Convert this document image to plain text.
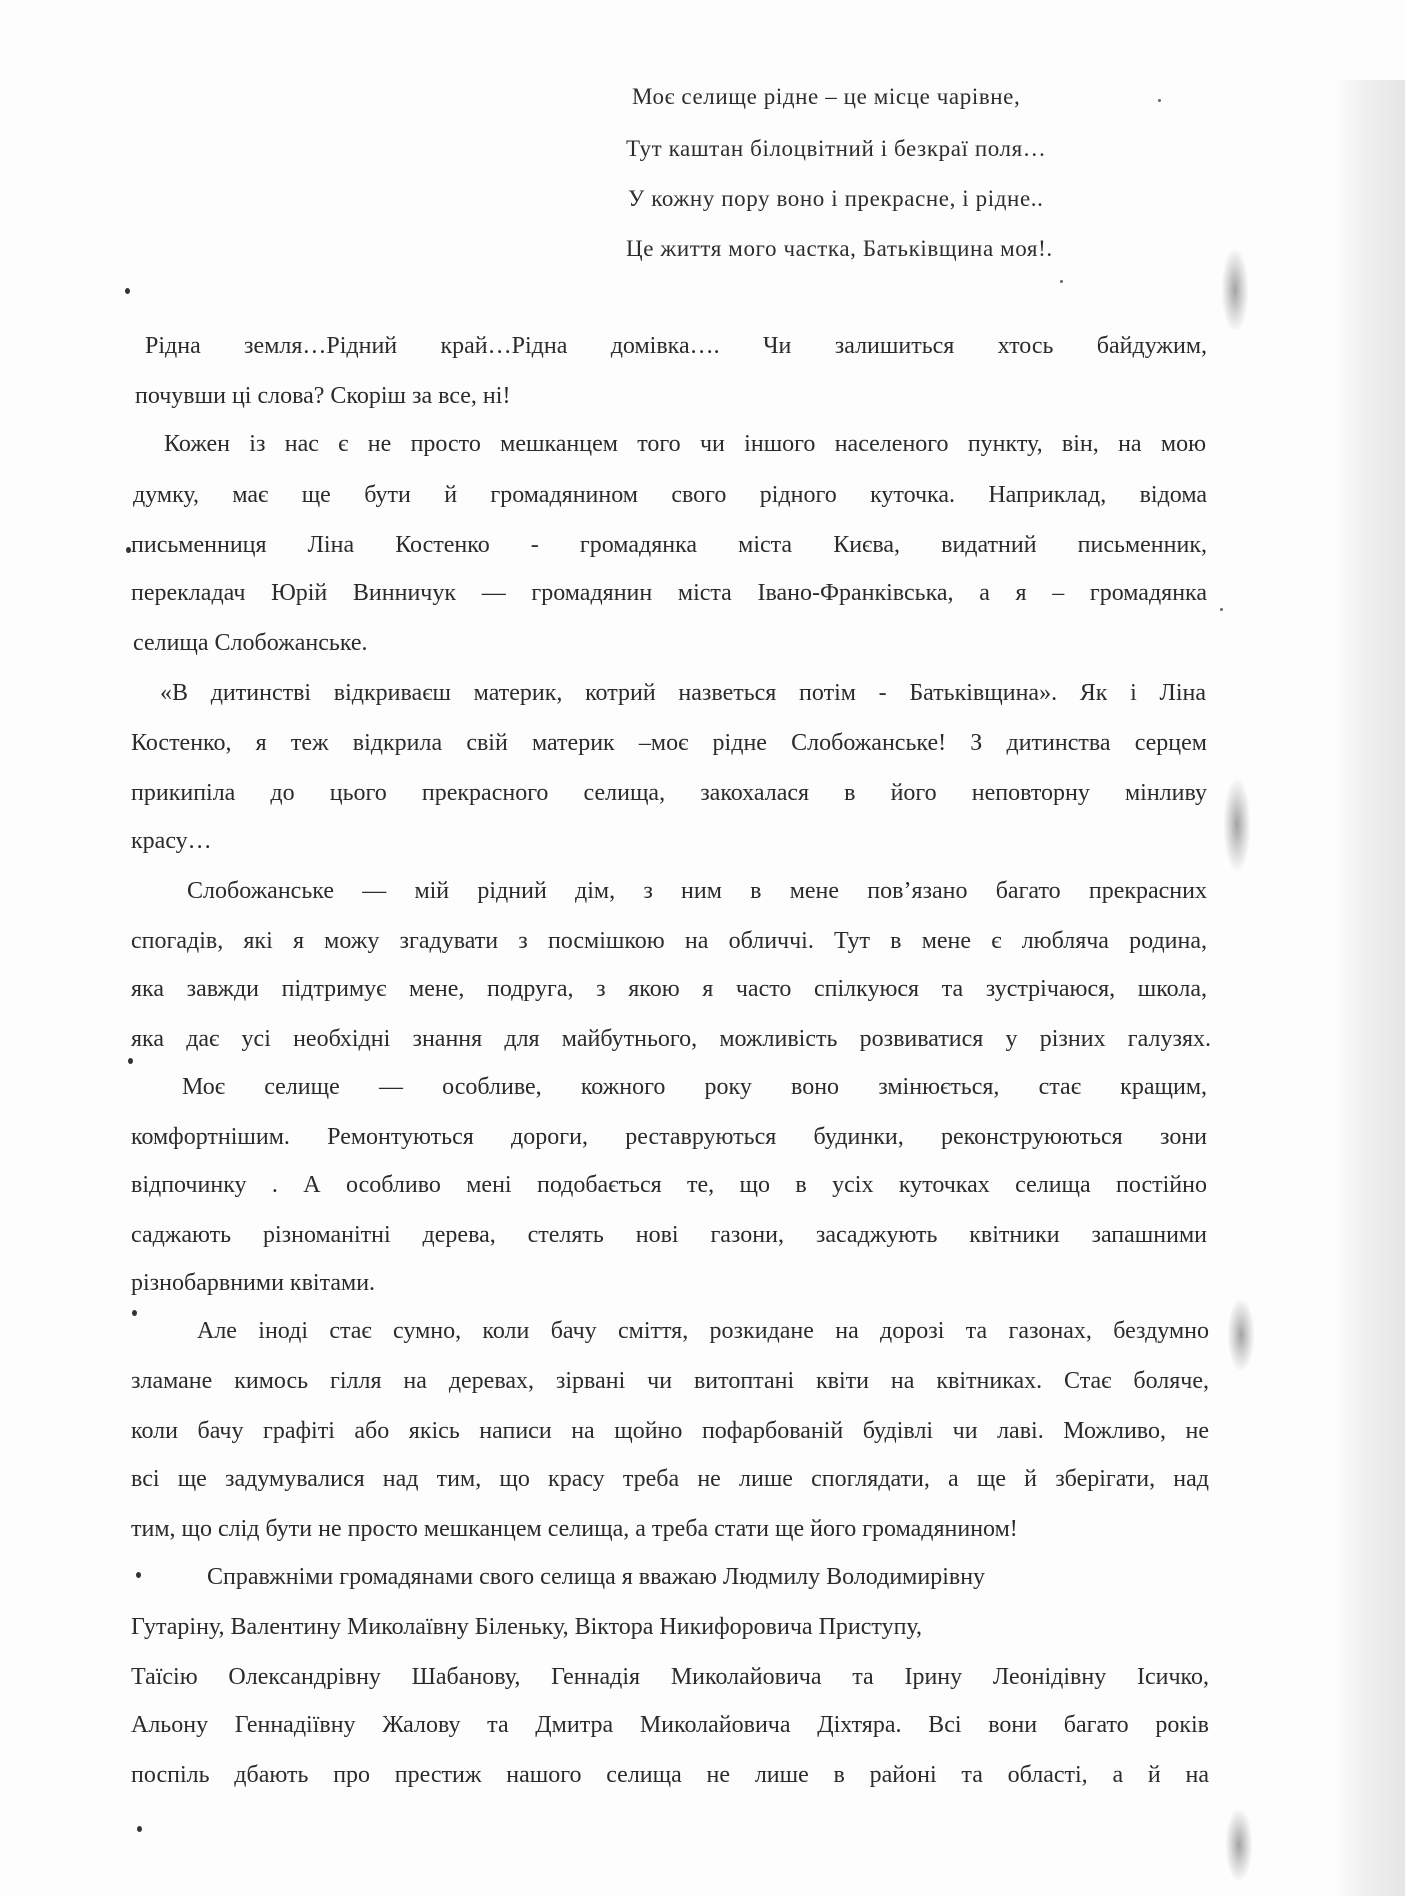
Моє селище рідне – це місце чарівне,
Тут каштан білоцвітний і безкраї поля…
У кожну пору воно і прекрасне, і рідне..
Це життя мого частка, Батьківщина моя!.
Рідна земля…Рідний край…Рідна домівка…. Чи залишиться хтось байдужим,
почувши ці слова? Скоріш за все, ні!
Кожен із нас є не просто мешканцем того чи іншого населеного пункту, він, на мою
думку, має ще бути й громадянином свого рідного куточка. Наприклад, відома
письменниця Ліна Костенко - громадянка міста Києва, видатний письменник,
перекладач Юрій Винничук — громадянин міста Івано-Франківська, а я – громадянка
селища Слобожанське.
«В дитинстві відкриваєш материк, котрий назветься потім - Батьківщина». Як і Ліна
Костенко, я теж відкрила свій материк –моє рідне Слобожанське! З дитинства серцем
прикипіла до цього прекрасного селища, закохалася в його неповторну мінливу
красу…
Слобожанське — мій рідний дім, з ним в мене пов’язано багато прекрасних
спогадів, які я можу згадувати з посмішкою на обличчі. Тут в мене є любляча родина,
яка завжди підтримує мене, подруга, з якою я часто спілкуюся та зустрічаюся, школа,
яка дає усі необхідні знання для майбутнього, можливість розвиватися у різних галузях.
Моє селище — особливе, кожного року воно змінюється, стає кращим,
комфортнішим. Ремонтуються дороги, реставруються будинки, реконструюються зони
відпочинку . А особливо мені подобається те, що в усіх куточках селища постійно
саджають різноманітні дерева, стелять нові газони, засаджують квітники запашними
різнобарвними квітами.
Але іноді стає сумно, коли бачу сміття, розкидане на дорозі та газонах, бездумно
зламане кимось гілля на деревах, зірвані чи витоптані квіти на квітниках. Стає боляче,
коли бачу графіті або якісь написи на щойно пофарбованій будівлі чи лаві. Можливо, не
всі ще задумувалися над тим, що красу треба не лише споглядати, а ще й зберігати, над
тим, що слід бути не просто мешканцем селища, а треба стати ще його громадянином!
Справжніми громадянами свого селища я вважаю Людмилу Володимирівну
Гутаріну, Валентину Миколаївну Біленьку, Віктора Никифоровича Приступу,
Таїсію Олександрівну Шабанову, Геннадія Миколайовича та Ірину Леонідівну Ісичко,
Альону Геннадіївну Жалову та Дмитра Миколайовича Діхтяра. Всі вони багато років
поспіль дбають про престиж нашого селища не лише в районі та області, а й на
